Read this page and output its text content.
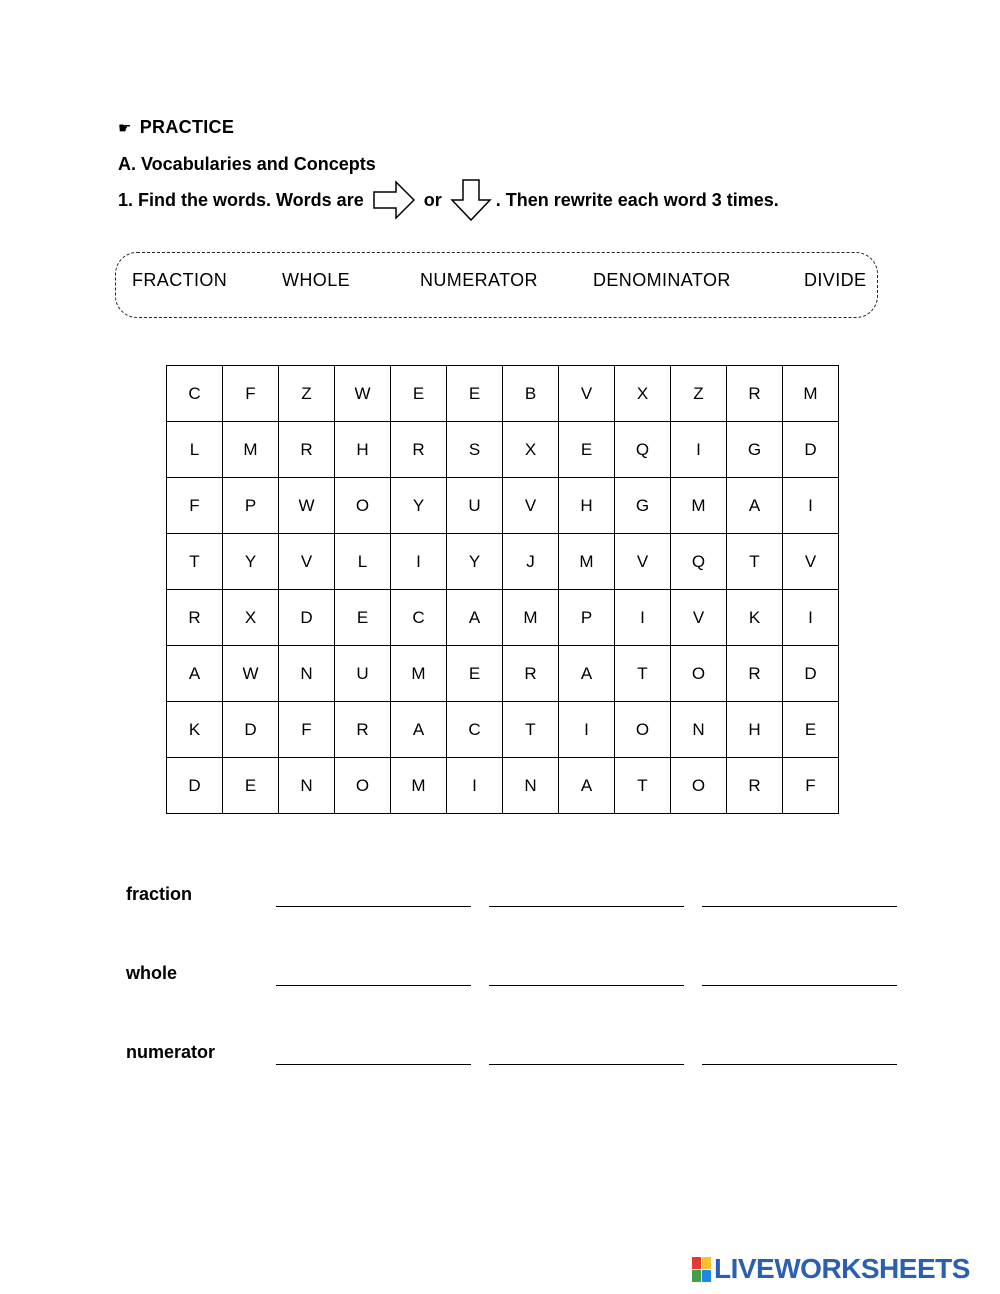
☛ PRACTICE
A. Vocabularies and Concepts
1. Find the words. Words are	or	. Then rewrite each word 3 times.
FRACTION	WHOLE	NUMERATOR	DENOMINATOR	DIVIDE
C	F	Z	W	E	E	B	V	X	Z	R	M
L	M	R	H	R	S	X	E	Q	I	G	D
F	P	W	O	Y	U	V	H	G	M	A	I
T	Y	V	L	I	Y	J	M	V	Q	T	V
R	X	D	E	C	A	M	P	I	V	K	I
A	W	N	U	M	E	R	A	T	O	R	D
K	D	F	R	A	C	T	I	O	N	H	E
D	E	N	O	M	I	N	A	T	O	R	F
fraction
whole
numerator
LIVEWORKSHEETS
